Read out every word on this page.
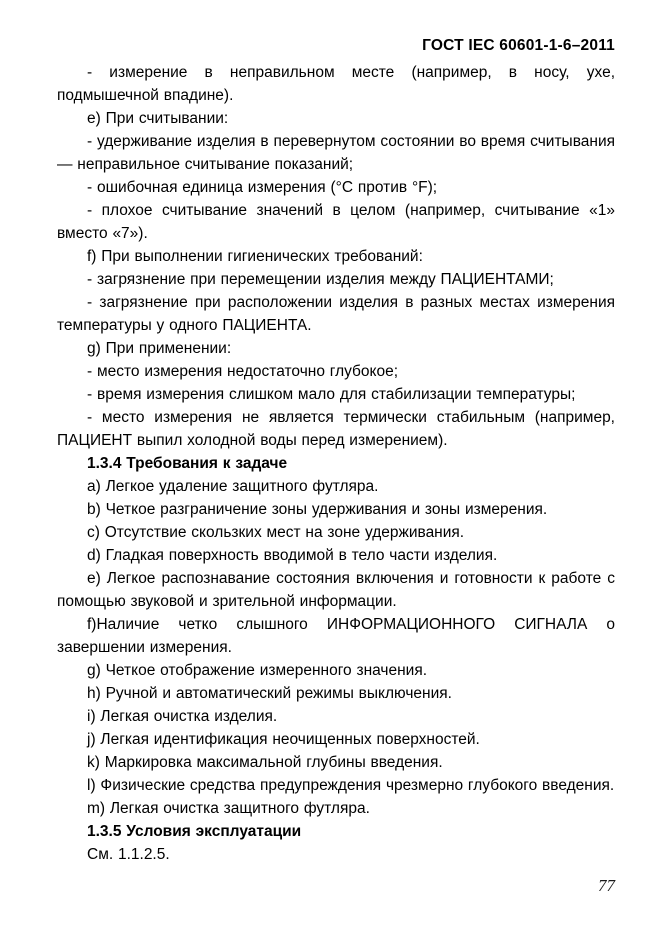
ГОСТ IEC 60601-1-6–2011

- измерение в неправильном месте (например, в носу, ухе, подмышечной впадине).

e) При считывании:

- удерживание изделия в перевернутом состоянии во время считывания — неправильное считывание показаний;

- ошибочная единица измерения (°С против °F);

- плохое считывание значений в целом (например, считывание «1» вместо «7»).

f) При выполнении гигиенических требований:

- загрязнение при перемещении изделия между ПАЦИЕНТАМИ;

- загрязнение при расположении изделия в разных местах измерения температуры у одного ПАЦИЕНТА.

g) При применении:

- место измерения недостаточно глубокое;

- время измерения слишком мало для стабилизации температуры;

- место измерения не является термически стабильным (например, ПАЦИЕНТ выпил холодной воды перед измерением).

1.3.4 Требования к задаче

a) Легкое удаление защитного футляра.

b) Четкое разграничение зоны удерживания и зоны измерения.

c) Отсутствие скользких мест на зоне удерживания.

d) Гладкая поверхность вводимой в тело части изделия.

e) Легкое распознавание состояния включения и готовности к работе с помощью звуковой и зрительной информации.

f)Наличие четко слышного ИНФОРМАЦИОННОГО СИГНАЛА о завершении измерения.

g) Четкое отображение измеренного значения.

h) Ручной и автоматический режимы выключения.

i) Легкая очистка изделия.

j) Легкая идентификация неочищенных поверхностей.

k) Маркировка максимальной глубины введения.

l) Физические средства предупреждения чрезмерно глубокого введения.

m) Легкая очистка защитного футляра.

1.3.5 Условия эксплуатации

См. 1.1.2.5.

77
